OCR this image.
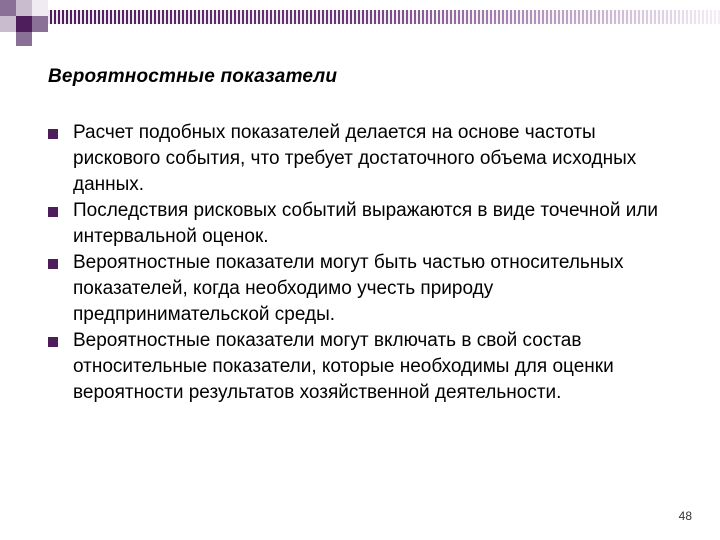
Вероятностные показатели
Расчет подобных показателей делается на основе частоты рискового события, что требует достаточного объема исходных данных.
Последствия рисковых событий выражаются в виде точечной или интервальной оценок.
Вероятностные показатели могут быть частью относительных показателей, когда необходимо учесть природу предпринимательской среды.
Вероятностные показатели могут включать в свой состав относительные показатели, которые необходимы для оценки вероятности результатов хозяйственной деятельности.
48
